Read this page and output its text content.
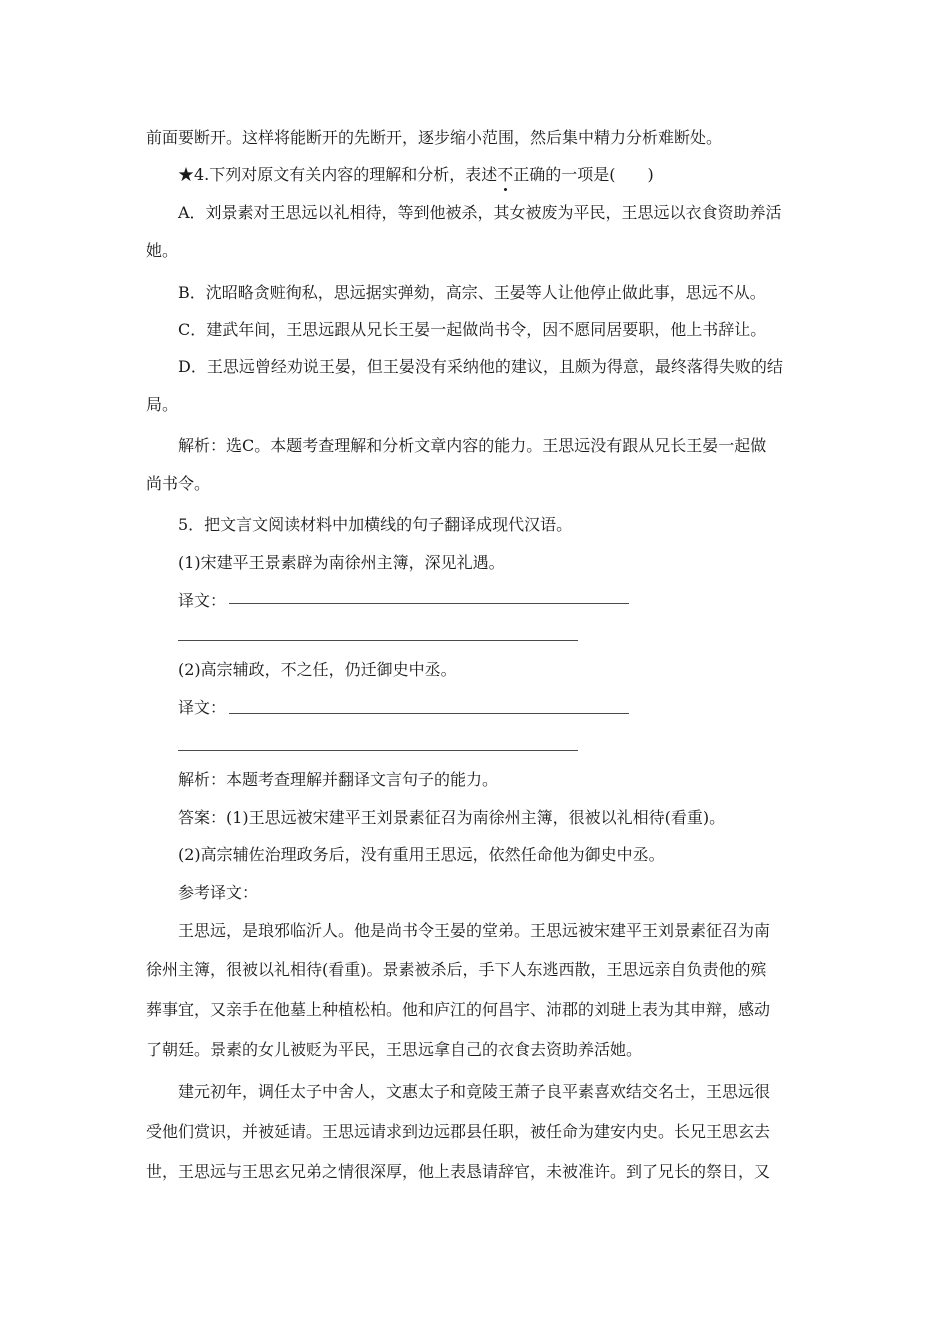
前面要断开。这样将能断开的先断开，逐步缩小范围，然后集中精力分析难断处。
★4.下列对原文有关内容的理解和分析，表述不正确的一项是(　　)
A．刘景素对王思远以礼相待，等到他被杀，其女被废为平民，王思远以衣食资助养活
她。
B．沈昭略贪赃徇私，思远据实弹劾，高宗、王晏等人让他停止做此事，思远不从。
C．建武年间，王思远跟从兄长王晏一起做尚书令，因不愿同居要职，他上书辞让。
D．王思远曾经劝说王晏，但王晏没有采纳他的建议，且颇为得意，最终落得失败的结
局。
解析：选C。本题考查理解和分析文章内容的能力。王思远没有跟从兄长王晏一起做
尚书令。
5．把文言文阅读材料中加横线的句子翻译成现代汉语。
(1)宋建平王景素辟为南徐州主簿，深见礼遇。
译文：
(2)高宗辅政，不之任，仍迁御史中丞。
译文：
解析：本题考查理解并翻译文言句子的能力。
答案：(1)王思远被宋建平王刘景素征召为南徐州主簿，很被以礼相待(看重)。
(2)高宗辅佐治理政务后，没有重用王思远，依然任命他为御史中丞。
参考译文：
王思远，是琅邪临沂人。他是尚书令王晏的堂弟。王思远被宋建平王刘景素征召为南
徐州主簿，很被以礼相待(看重)。景素被杀后，手下人东逃西散，王思远亲自负责他的殡
葬事宜，又亲手在他墓上种植松柏。他和庐江的何昌宇、沛郡的刘琎上表为其申辩，感动
了朝廷。景素的女儿被贬为平民，王思远拿自己的衣食去资助养活她。
建元初年，调任太子中舍人，文惠太子和竟陵王萧子良平素喜欢结交名士，王思远很
受他们赏识，并被延请。王思远请求到边远郡县任职，被任命为建安内史。长兄王思玄去
世，王思远与王思玄兄弟之情很深厚，他上表恳请辞官，未被准许。到了兄长的祭日，又
